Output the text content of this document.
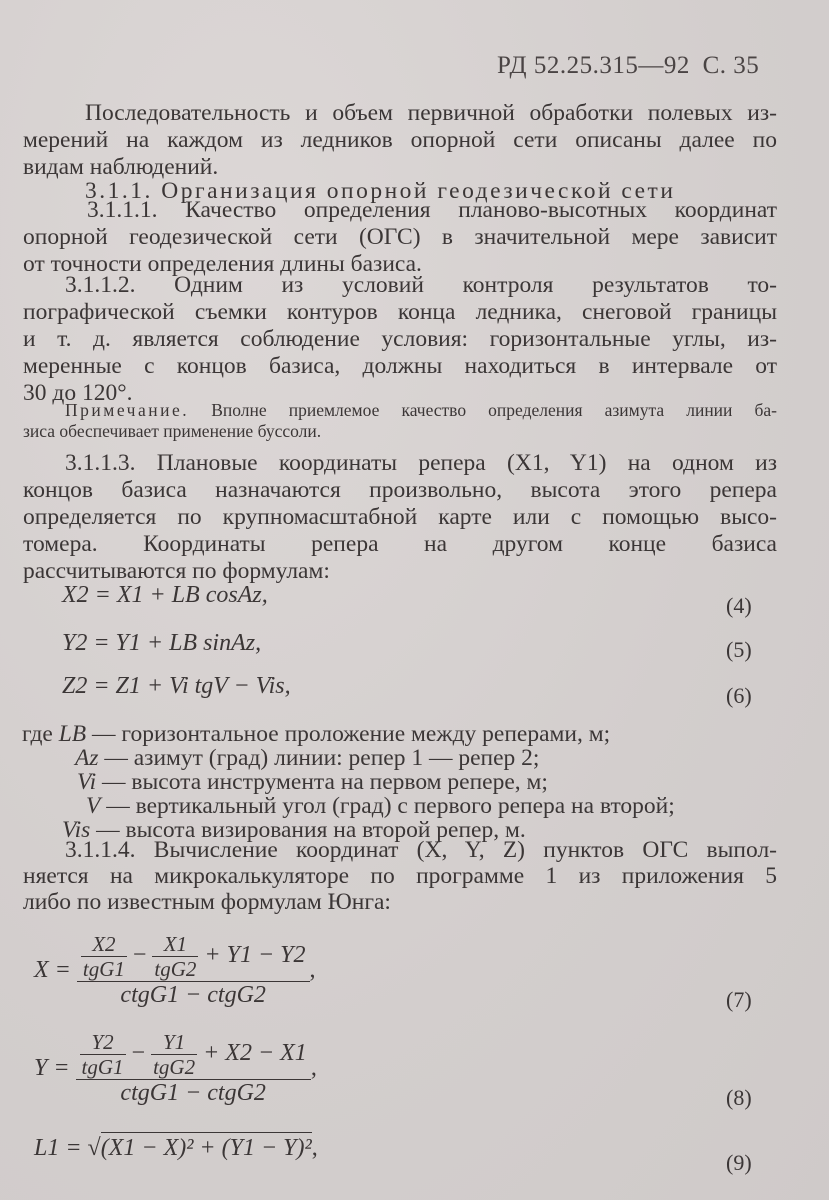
РД 52.25.315—92 С. 35
Последовательность и объем первичной обработки полевых из-
мерений на каждом из ледников опорной сети описаны далее по
видам наблюдений.
3.1.1. Организация опорной геодезической сети
3.1.1.1. Качество определения планово-высотных координат
опорной геодезической сети (ОГС) в значительной мере зависит
от точности определения длины базиса.
3.1.1.2. Одним из условий контроля результатов то-
пографической съемки контуров конца ледника, снеговой границы
и т. д. является соблюдение условия: горизонтальные углы, из-
меренные с концов базиса, должны находиться в интервале от
30 до 120°.
Примечание. Вполне приемлемое качество определения азимута линии ба-
зиса обеспечивает применение буссоли.
3.1.1.3. Плановые координаты репера (X1, Y1) на одном из
концов базиса назначаются произвольно, высота этого репера
определяется по крупномасштабной карте или с помощью высо-
томера. Координаты репера на другом конце базиса
рассчитываются по формулам:
X2 = X1 + LB cosAz,	(4)
Y2 = Y1 + LB sinAz,	(5)
Z2 = Z1 + Vi tgV − Vis,	(6)
где LB — горизонтальное проложение между реперами, м;
Az — азимут (град) линии: репер 1 — репер 2;
Vi — высота инструмента на первом репере, м;
V — вертикальный угол (град) с первого репера на второй;
Vis — высота визирования на второй репер, м.
3.1.1.4. Вычисление координат (X, Y, Z) пунктов ОГС выпол-
няется на микрокалькуляторе по программе 1 из приложения 5
либо по известным формулам Юнга:
$X = \frac{\frac{X2}{\text{tgG1}} - \frac{X1}{\text{tgG2}} + Y1 - Y2}{\text{ctgG1 − ctgG2}}$ ,
(7)
$Y = \frac{\frac{Y2}{\text{tgG1}} - \frac{Y1}{\text{tgG2}} + X2 - X1}{\text{ctgG1 − ctgG2}}$ ,
(8)
L1 = √(X1 − X)² + (Y1 − Y)²,
(9)
